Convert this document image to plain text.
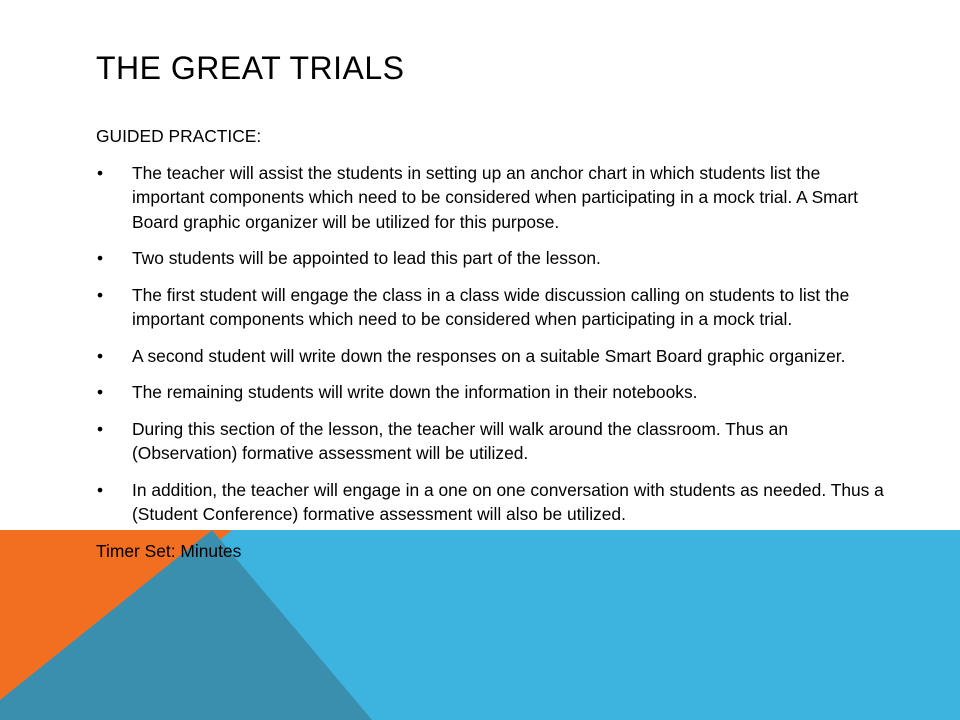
THE GREAT TRIALS

GUIDED PRACTICE:

• The teacher will assist the students in setting up an anchor chart in which students list the important components which need to be considered when participating in a mock trial. A Smart Board graphic organizer will be utilized for this purpose.
• Two students will be appointed to lead this part of the lesson.
• The first student will engage the class in a class wide discussion calling on students to list the important components which need to be considered when participating in a mock trial.
• A second student will write down the responses on a suitable Smart Board graphic organizer.
• The remaining students will write down the information in their notebooks.
• During this section of the lesson, the teacher will walk around the classroom. Thus an (Observation) formative assessment will be utilized.
• In addition, the teacher will engage in a one on one conversation with students as needed. Thus a (Student Conference) formative assessment will also be utilized.

Timer Set: Minutes
